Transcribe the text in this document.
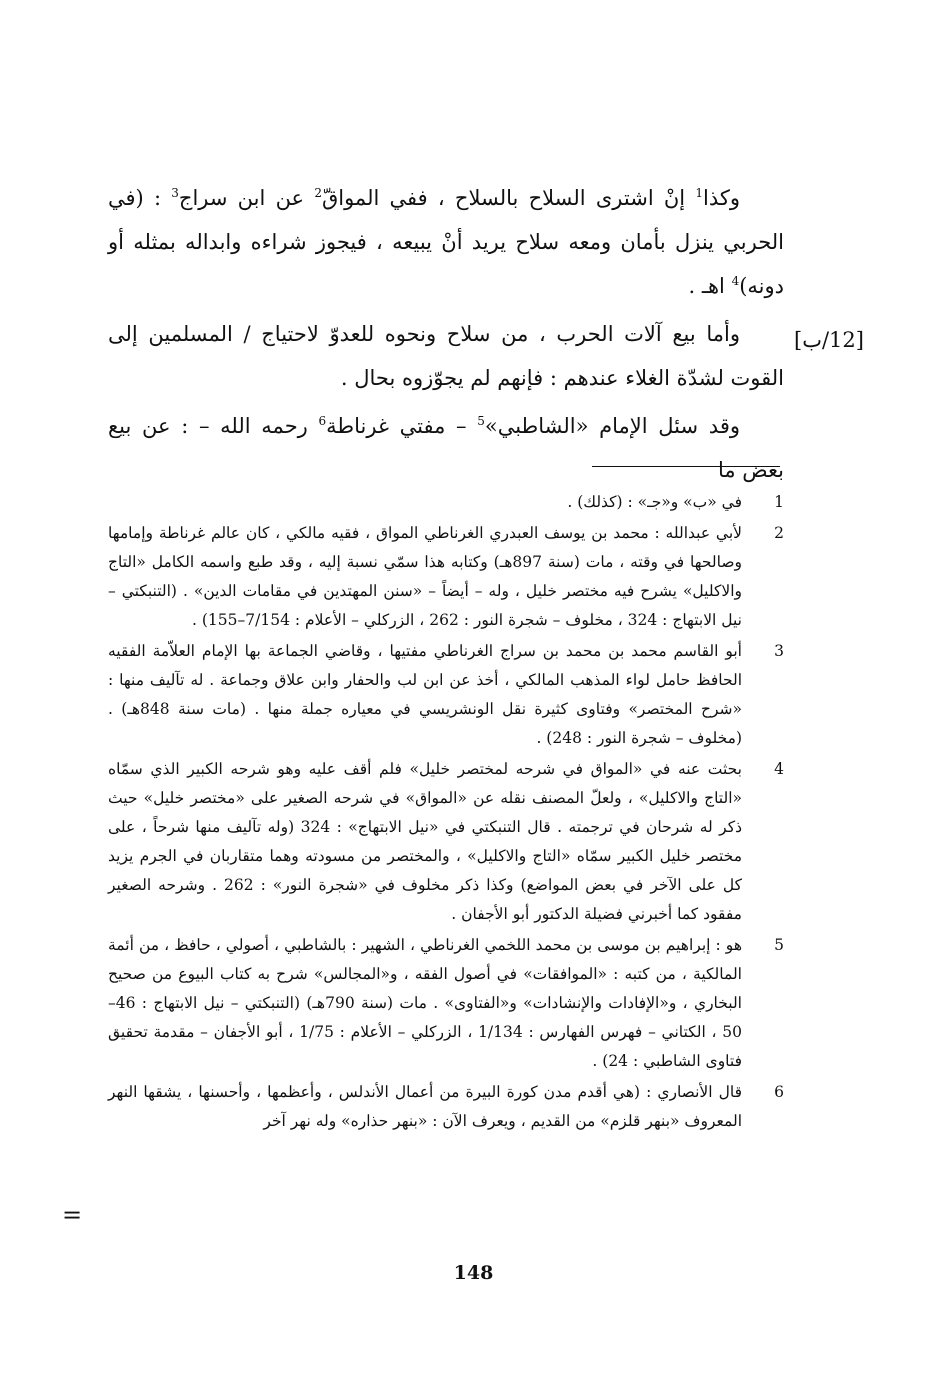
وكذا$^1$ إنْ اشترى السلاح بالسلاح ، ففي المواقّ$^2$ عن ابن سراج$^3$ : (في الحربي ينزل بأمان ومعه سلاح يريد أنْ يبيعه ، فيجوز شراءه وابداله بمثله أو دونه)$^4$ اهـ .

وأما بيع آلات الحرب ، من سلاح ونحوه للعدوّ لاحتياج / المسلمين إلى القوت لشدّة الغلاء عندهم : فإنهم لم يجوّزوه بحال .

وقد سئل الإمام «الشاطبي»$^5$ – مفتي غرناطة$^6$ رحمه الله – : عن بيع بعض ما

[12/ب]
1
في «ب» و«جـ» : (كذلك) .
2
لأبي عبدالله : محمد بن يوسف العبدري الغرناطي المواق ، فقيه مالكي ، كان عالم غرناطة وإمامها وصالحها في وقته ، مات (سنة 897هـ) وكتابه هذا سمّي نسبة إليه ، وقد طبع واسمه الكامل «التاج والاكليل» يشرح فيه مختصر خليل ، وله – أيضاً – «سنن المهتدين في مقامات الدين» . (التنبكتي – نيل الابتهاج : 324 ، مخلوف – شجرة النور : 262 ، الزركلي – الأعلام : 7/154–155) .
3
أبو القاسم محمد بن محمد بن سراج الغرناطي مفتيها ، وقاضي الجماعة بها الإمام العلاّمة الفقيه الحافظ حامل لواء المذهب المالكي ، أخذ عن ابن لب والحفار وابن علاق وجماعة . له تآليف منها : «شرح المختصر» وفتاوى كثيرة نقل الونشريسي في معياره جملة منها . (مات سنة 848هـ) . (مخلوف – شجرة النور : 248) .
4
بحثت عنه في «المواق في شرحه لمختصر خليل» فلم أقف عليه وهو شرحه الكبير الذي سمّاه «التاج والاكليل» ، ولعلّ المصنف نقله عن «المواق» في شرحه الصغير على «مختصر خليل» حيث ذكر له شرحان في ترجمته . قال التنبكتي في «نيل الابتهاج» : 324 (وله تآليف منها شرحاً ، على مختصر خليل الكبير سمّاه «التاج والاكليل» ، والمختصر من مسودته وهما متقاربان في الجرم يزيد كل على الآخر في بعض المواضع) وكذا ذكر مخلوف في «شجرة النور» : 262 . وشرحه الصغير مفقود كما أخبرني فضيلة الدكتور أبو الأجفان .
5
هو : إبراهيم بن موسى بن محمد اللخمي الغرناطي ، الشهير : بالشاطبي ، أصولي ، حافظ ، من أئمة المالكية ، من كتبه : «الموافقات» في أصول الفقه ، و«المجالس» شرح به كتاب البيوع من صحيح البخاري ، و«الإفادات والإنشادات» و«الفتاوى» . مات (سنة 790هـ) (التنبكتي – نيل الابتهاج : 46–50 ، الكتاني – فهرس الفهارس : 1/134 ، الزركلي – الأعلام : 1/75 ، أبو الأجفان – مقدمة تحقيق فتاوى الشاطبي : 24) .
6
قال الأنصاري : (هي أقدم مدن كورة البيرة من أعمال الأندلس ، وأعظمها ، وأحسنها ، يشقها النهر المعروف «بنهر قلزم» من القديم ، ويعرف الآن : «بنهر حذاره» وله نهر آخر
=
148
